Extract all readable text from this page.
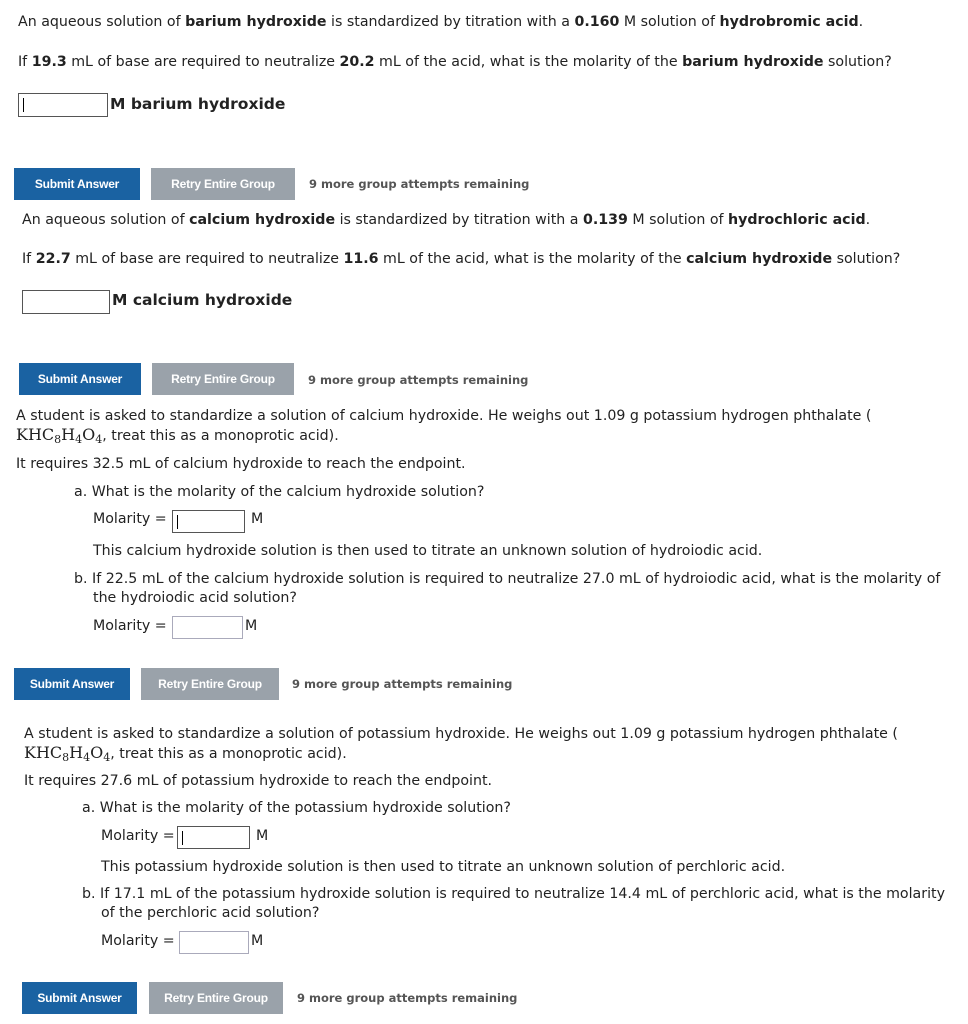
An aqueous solution of barium hydroxide is standardized by titration with a 0.160 M solution of hydrobromic acid.
If 19.3 mL of base are required to neutralize 20.2 mL of the acid, what is the molarity of the barium hydroxide solution?
M barium hydroxide
Submit Answer	Retry Entire Group	9 more group attempts remaining
An aqueous solution of calcium hydroxide is standardized by titration with a 0.139 M solution of hydrochloric acid.
If 22.7 mL of base are required to neutralize 11.6 mL of the acid, what is the molarity of the calcium hydroxide solution?
M calcium hydroxide
Submit Answer	Retry Entire Group	9 more group attempts remaining
A student is asked to standardize a solution of calcium hydroxide. He weighs out 1.09 g potassium hydrogen phthalate (
$KHC_8H_4O_4$, treat this as a monoprotic acid).
It requires 32.5 mL of calcium hydroxide to reach the endpoint.
a. What is the molarity of the calcium hydroxide solution?
Molarity =	M
This calcium hydroxide solution is then used to titrate an unknown solution of hydroiodic acid.
b. If 22.5 mL of the calcium hydroxide solution is required to neutralize 27.0 mL of hydroiodic acid, what is the molarity of
the hydroiodic acid solution?
Molarity =	M
Submit Answer	Retry Entire Group	9 more group attempts remaining
A student is asked to standardize a solution of potassium hydroxide. He weighs out 1.09 g potassium hydrogen phthalate (
$KHC_8H_4O_4$, treat this as a monoprotic acid).
It requires 27.6 mL of potassium hydroxide to reach the endpoint.
a. What is the molarity of the potassium hydroxide solution?
Molarity =	M
This potassium hydroxide solution is then used to titrate an unknown solution of perchloric acid.
b. If 17.1 mL of the potassium hydroxide solution is required to neutralize 14.4 mL of perchloric acid, what is the molarity
of the perchloric acid solution?
Molarity =	M
Submit Answer	Retry Entire Group	9 more group attempts remaining
